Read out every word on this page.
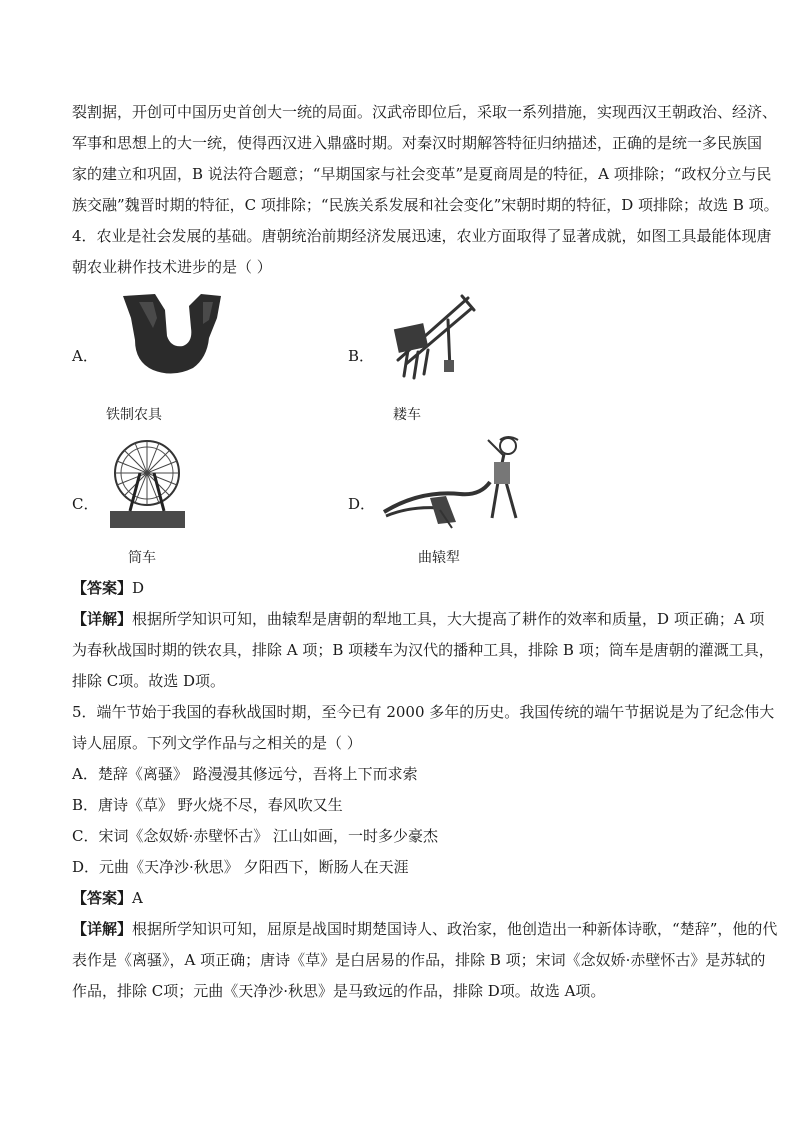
裂割据，开创可中国历史首创大一统的局面。汉武帝即位后，采取一系列措施，实现西汉王朝政治、经济、

军事和思想上的大一统，使得西汉进入鼎盛时期。对秦汉时期解答特征归纳描述，正确的是统一多民族国

家的建立和巩固，B 说法符合题意；“早期国家与社会变革”是夏商周是的特征，A 项排除；“政权分立与民

族交融”魏晋时期的特征，C 项排除；“民族关系发展和社会变化”宋朝时期的特征，D 项排除；故选 B 项。

4．农业是社会发展的基础。唐朝统治前期经济发展迅速，农业方面取得了显著成就，如图工具最能体现唐

朝农业耕作技术进步的是（ ）

A．
铁制农具
B．
耧车
C．
筒车
D．
曲辕犁

【答案】D

【详解】根据所学知识可知，曲辕犁是唐朝的犁地工具，大大提高了耕作的效率和质量，D 项正确；A 项

为春秋战国时期的铁农具，排除 A 项；B 项耧车为汉代的播种工具，排除 B 项；筒车是唐朝的灌溉工具，

排除 C项。故选 D项。

5．端午节始于我国的春秋战国时期，至今已有 2000 多年的历史。我国传统的端午节据说是为了纪念伟大

诗人屈原。下列文学作品与之相关的是（ ）

A．楚辞《离骚》 路漫漫其修远兮，吾将上下而求索

B．唐诗《草》 野火烧不尽，春风吹又生

C．宋词《念奴娇·赤壁怀古》 江山如画，一时多少豪杰

D．元曲《天净沙·秋思》 夕阳西下，断肠人在天涯

【答案】A

【详解】根据所学知识可知，屈原是战国时期楚国诗人、政治家，他创造出一种新体诗歌，“楚辞”，他的代

表作是《离骚》，A 项正确；唐诗《草》是白居易的作品，排除 B 项；宋词《念奴娇·赤壁怀古》是苏轼的

作品，排除 C项；元曲《天净沙·秋思》是马致远的作品，排除 D项。故选 A项。
